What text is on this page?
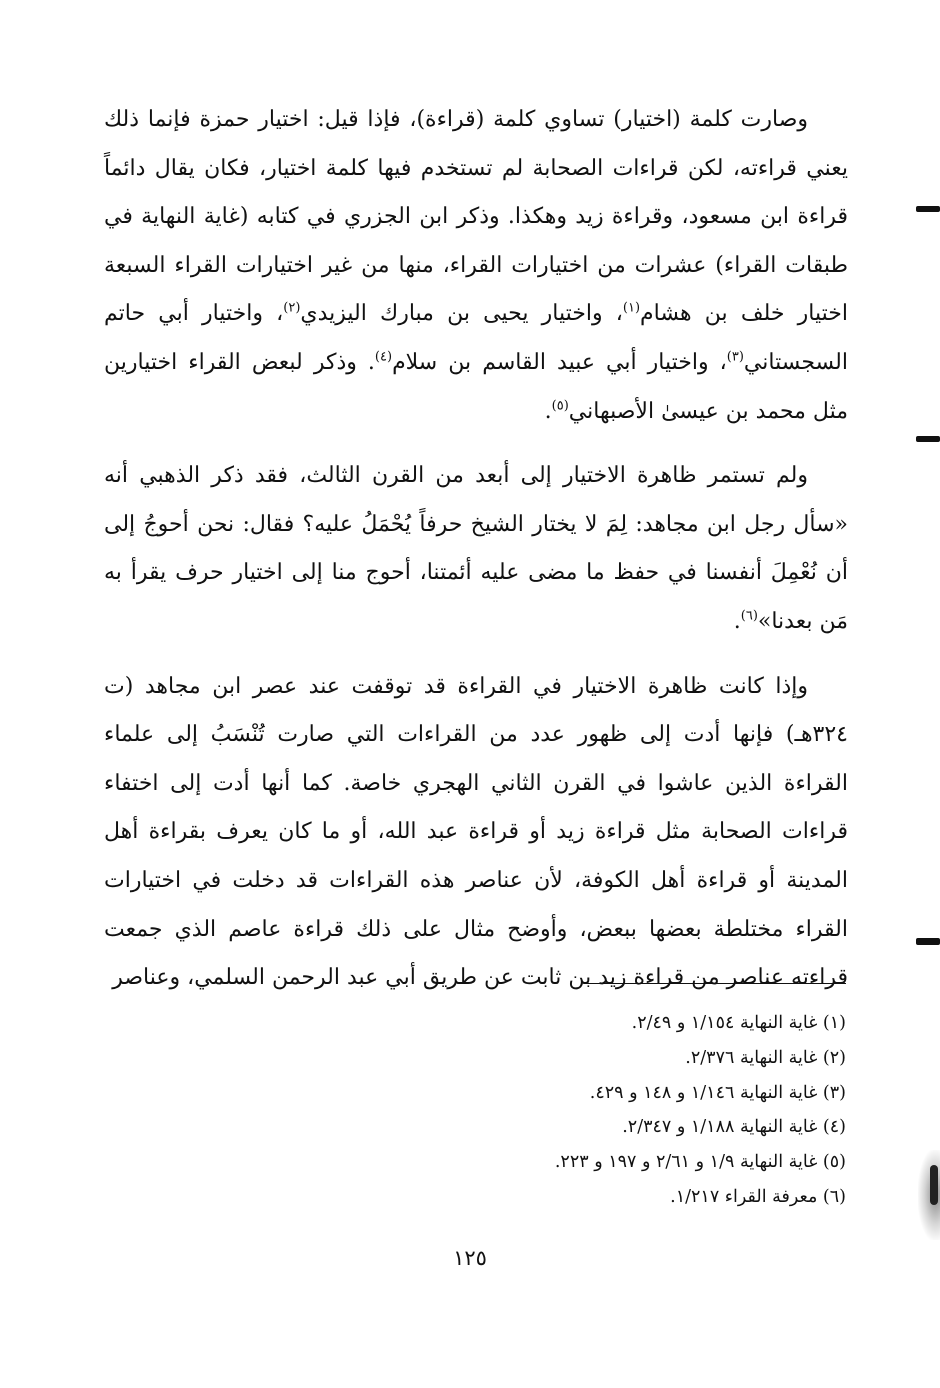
وصارت كلمة (اختيار) تساوي كلمة (قراءة)، فإذا قيل: اختيار حمزة فإنما ذلك يعني قراءته، لكن قراءات الصحابة لم تستخدم فيها كلمة اختيار، فكان يقال دائماً قراءة ابن مسعود، وقراءة زيد وهكذا. وذكر ابن الجزري في كتابه (غاية النهاية في طبقات القراء) عشرات من اختيارات القراء، منها من غير اختيارات القراء السبعة اختيار خلف بن هشام$^{(١)}$، واختيار يحيى بن مبارك اليزيدي$^{(٢)}$، واختيار أبي حاتم السجستاني$^{(٣)}$، واختيار أبي عبيد القاسم بن سلام$^{(٤)}$. وذكر لبعض القراء اختيارين مثل محمد بن عيسىٰ الأصبهاني$^{(٥)}$.

ولم تستمر ظاهرة الاختيار إلى أبعد من القرن الثالث، فقد ذكر الذهبي أنه «سأل رجل ابن مجاهد: لِمَ لا يختار الشيخ حرفاً يُحْمَلُ عليه؟ فقال: نحن أحوجُ إلى أن نُعْمِلَ أنفسنا في حفظ ما مضى عليه أئمتنا، أحوج منا إلى اختيار حرف يقرأ به مَن بعدنا»$^{(٦)}$.

وإذا كانت ظاهرة الاختيار في القراءة قد توقفت عند عصر ابن مجاهد (ت ٣٢٤هـ) فإنها أدت إلى ظهور عدد من القراءات التي صارت تُنْسَبُ إلى علماء القراءة الذين عاشوا في القرن الثاني الهجري خاصة. كما أنها أدت إلى اختفاء قراءات الصحابة مثل قراءة زيد أو قراءة عبد الله، أو ما كان يعرف بقراءة أهل المدينة أو قراءة أهل الكوفة، لأن عناصر هذه القراءات قد دخلت في اختيارات القراء مختلطة بعضها ببعض، وأوضح مثال على ذلك قراءة عاصم الذي جمعت قراءته عناصر من قراءة زيد بن ثابت عن طريق أبي عبد الرحمن السلمي، وعناصر

(١) غاية النهاية ١/١٥٤ و ٢/٤٩.
(٢) غاية النهاية ٢/٣٧٦.
(٣) غاية النهاية ١/١٤٦ و ١٤٨ و ٤٢٩.
(٤) غاية النهاية ١/١٨٨ و ٢/٣٤٧.
(٥) غاية النهاية ١/٩ و ٢/٦١ و ١٩٧ و ٢٢٣.
(٦) معرفة القراء ١/٢١٧.
١٢٥
